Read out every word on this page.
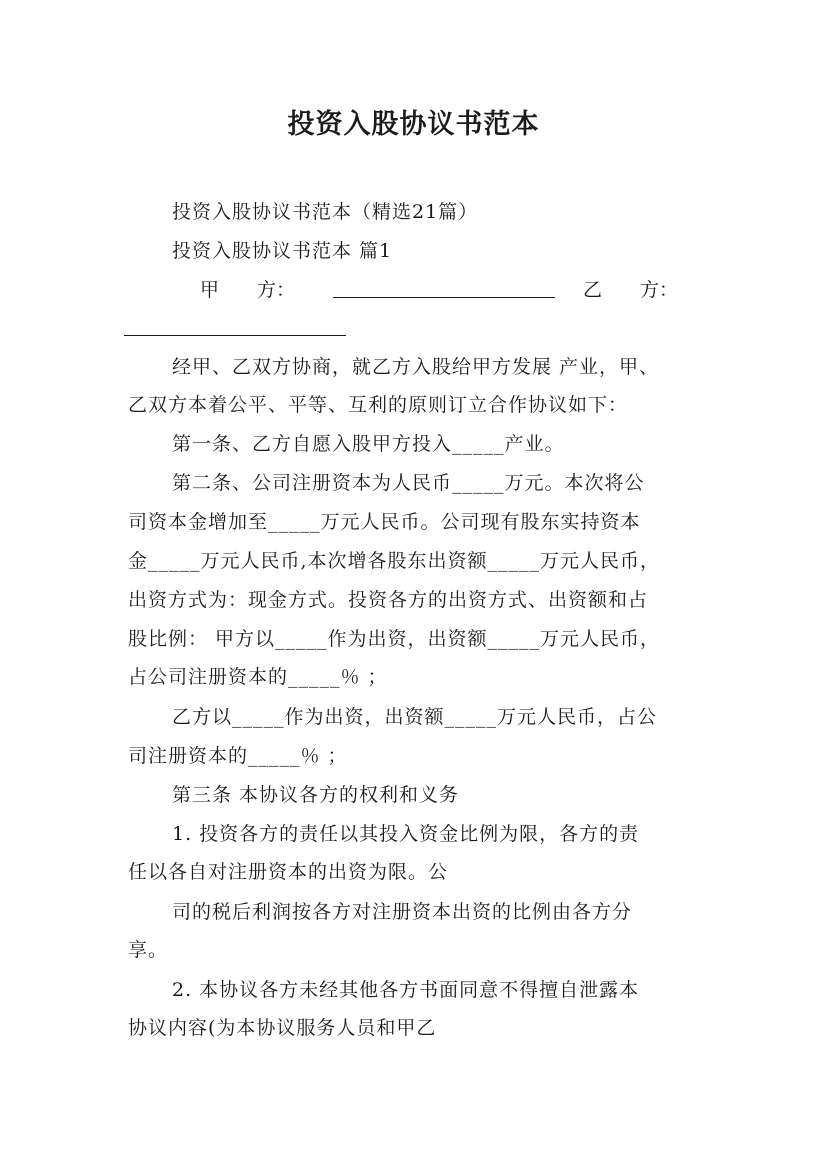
投资入股协议书范本
投资入股协议书范本（精选21篇）
投资入股协议书范本 篇1
甲　　方：	乙　　方：
经甲、乙双方协商，就乙方入股给甲方发展 产业，甲、
乙双方本着公平、平等、互利的原则订立合作协议如下：
第一条、乙方自愿入股甲方投入_____产业。
第二条、公司注册资本为人民币_____万元。本次将公
司资本金增加至_____万元人民币。公司现有股东实持资本
金_____万元人民币,本次增各股东出资额_____万元人民币，
出资方式为：现金方式。投资各方的出资方式、出资额和占
股比例： 甲方以_____作为出资，出资额_____万元人民币，
占公司注册资本的_____％ ；
乙方以_____作为出资，出资额_____万元人民币，占公
司注册资本的_____％ ；
第三条 本协议各方的权利和义务
1. 投资各方的责任以其投入资金比例为限，各方的责
任以各自对注册资本的出资为限。公
司的税后利润按各方对注册资本出资的比例由各方分
享。
2. 本协议各方未经其他各方书面同意不得擅自泄露本
协议内容(为本协议服务人员和甲乙
